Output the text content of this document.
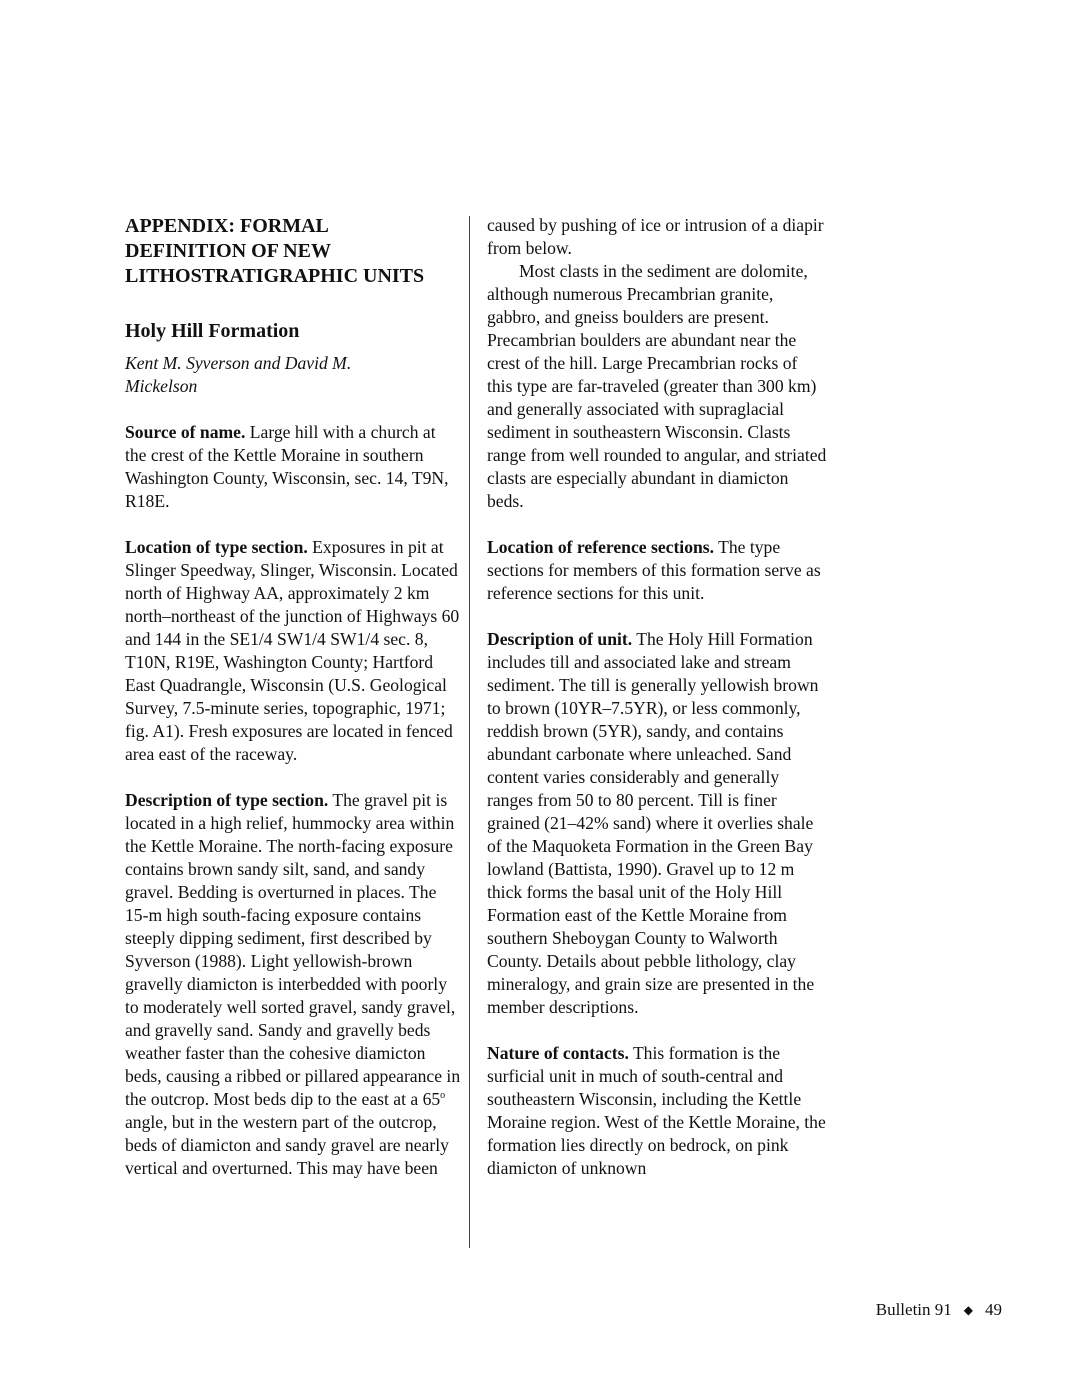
APPENDIX: FORMAL
DEFINITION OF NEW
LITHOSTRATIGRAPHIC UNITS
Holy Hill Formation
Kent M. Syverson and David M.
Mickelson

Source of name. Large hill with a church at the crest of the Kettle Moraine in southern Washington County, Wisconsin, sec. 14, T9N, R18E.

Location of type section. Exposures in pit at Slinger Speedway, Slinger, Wisconsin. Located north of Highway AA, approximately 2 km north–northeast of the junction of Highways 60 and 144 in the SE1/4 SW1/4 SW1/4 sec. 8, T10N, R19E, Washington County; Hartford East Quadrangle, Wisconsin (U.S. Geological Survey, 7.5-minute series, topographic, 1971; fig. A1). Fresh exposures are located in fenced area east of the raceway.

Description of type section. The gravel pit is located in a high relief, hummocky area within the Kettle Moraine. The north-facing exposure contains brown sandy silt, sand, and sandy gravel. Bedding is overturned in places. The 15-m high south-facing exposure contains steeply dipping sediment, first described by Syverson (1988). Light yellowish-brown gravelly diamicton is interbedded with poorly to moderately well sorted gravel, sandy gravel, and gravelly sand. Sandy and gravelly beds weather faster than the cohesive diamicton beds, causing a ribbed or pillared appearance in the outcrop. Most beds dip to the east at a 65$^o$ angle, but in the western part of the outcrop, beds of diamicton and sandy gravel are nearly vertical and overturned. This may have been

caused by pushing of ice or intrusion of a diapir from below.

Most clasts in the sediment are dolomite, although numerous Precambrian granite, gabbro, and gneiss boulders are present. Precambrian boulders are abundant near the crest of the hill. Large Precambrian rocks of this type are far-traveled (greater than 300 km) and generally associated with supraglacial sediment in southeastern Wisconsin. Clasts range from well rounded to angular, and striated clasts are especially abundant in diamicton beds.

Location of reference sections. The type sections for members of this formation serve as reference sections for this unit.

Description of unit. The Holy Hill Formation includes till and associated lake and stream sediment. The till is generally yellowish brown to brown (10YR–7.5YR), or less commonly, reddish brown (5YR), sandy, and contains abundant carbonate where unleached. Sand content varies considerably and generally ranges from 50 to 80 percent. Till is finer grained (21–42% sand) where it overlies shale of the Maquoketa Formation in the Green Bay lowland (Battista, 1990). Gravel up to 12 m thick forms the basal unit of the Holy Hill Formation east of the Kettle Moraine from southern Sheboygan County to Walworth County. Details about pebble lithology, clay mineralogy, and grain size are presented in the member descriptions.

Nature of contacts. This formation is the surficial unit in much of south-central and southeastern Wisconsin, including the Kettle Moraine region. West of the Kettle Moraine, the formation lies directly on bedrock, on pink diamicton of unknown

Bulletin 91 ◆ 49
